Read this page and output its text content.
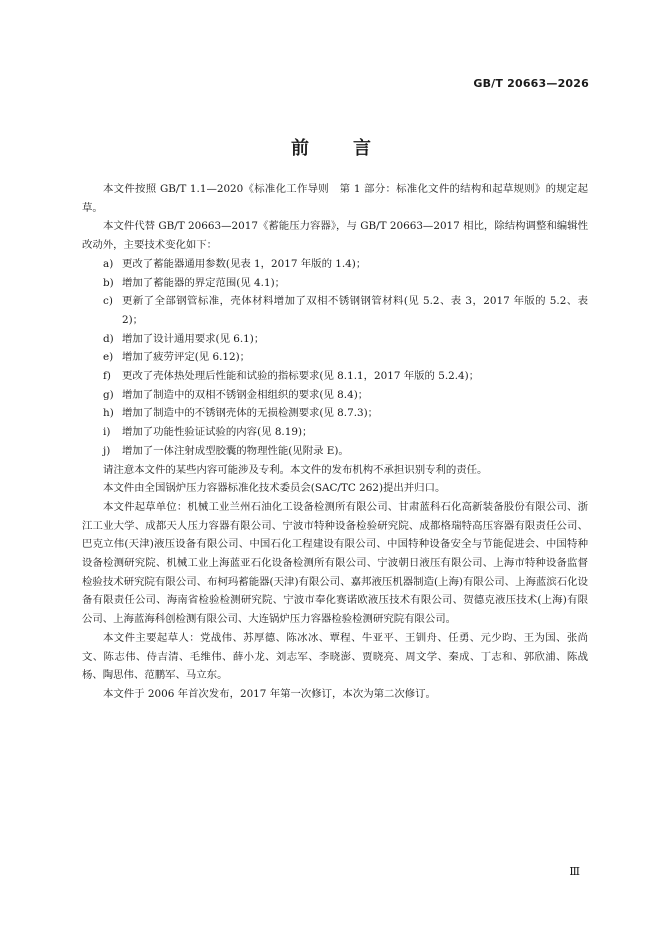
GB/T 20663—2026
前言

本文件按照 GB/T 1.1—2020《标准化工作导则　第 1 部分：标准化文件的结构和起草规则》的规定起草。

本文件代替 GB/T 20663—2017《蓄能压力容器》，与 GB/T 20663—2017 相比，除结构调整和编辑性改动外，主要技术变化如下：

a) 更改了蓄能器通用参数(见表 1，2017 年版的 1.4)；
b) 增加了蓄能器的界定范围(见 4.1)；
c) 更新了全部钢管标准，壳体材料增加了双相不锈钢钢管材料(见 5.2、表 3，2017 年版的 5.2、表 2)；
d) 增加了设计通用要求(见 6.1)；
e) 增加了疲劳评定(见 6.12)；
f)	更改了壳体热处理后性能和试验的指标要求(见 8.1.1，2017 年版的 5.2.4)；
g) 增加了制造中的双相不锈钢金相组织的要求(见 8.4)；
h) 增加了制造中的不锈钢壳体的无损检测要求(见 8.7.3)；
i)	增加了功能性验证试验的内容(见 8.19)；
j)	增加了一体注射成型胶囊的物理性能(见附录 E)。

请注意本文件的某些内容可能涉及专利。本文件的发布机构不承担识别专利的责任。

本文件由全国锅炉压力容器标准化技术委员会(SAC/TC 262)提出并归口。

本文件起草单位：机械工业兰州石油化工设备检测所有限公司、甘肃蓝科石化高新装备股份有限公司、浙江工业大学、成都天人压力容器有限公司、宁波市特种设备检验研究院、成都格瑞特高压容器有限责任公司、巴克立伟(天津)液压设备有限公司、中国石化工程建设有限公司、中国特种设备安全与节能促进会、中国特种设备检测研究院、机械工业上海蓝亚石化设备检测所有限公司、宁波朝日液压有限公司、上海市特种设备监督检验技术研究院有限公司、布柯玛蓄能器(天津)有限公司、嘉邦液压机器制造(上海)有限公司、上海蓝滨石化设备有限责任公司、海南省检验检测研究院、宁波市奉化赛诺欧液压技术有限公司、贺德克液压技术(上海)有限公司、上海蓝海科创检测有限公司、大连锅炉压力容器检验检测研究院有限公司。

本文件主要起草人：党战伟、苏厚德、陈冰冰、覃程、牛亚平、王钏舟、任勇、元少昀、王为国、张尚文、陈志伟、侍吉清、毛维伟、薛小龙、刘志军、李晓澎、贾晓亮、周文学、秦成、丁志和、郭欣浦、陈战杨、陶思伟、范鹏军、马立东。

本文件于 2006 年首次发布，2017 年第一次修订，本次为第二次修订。

Ⅲ
